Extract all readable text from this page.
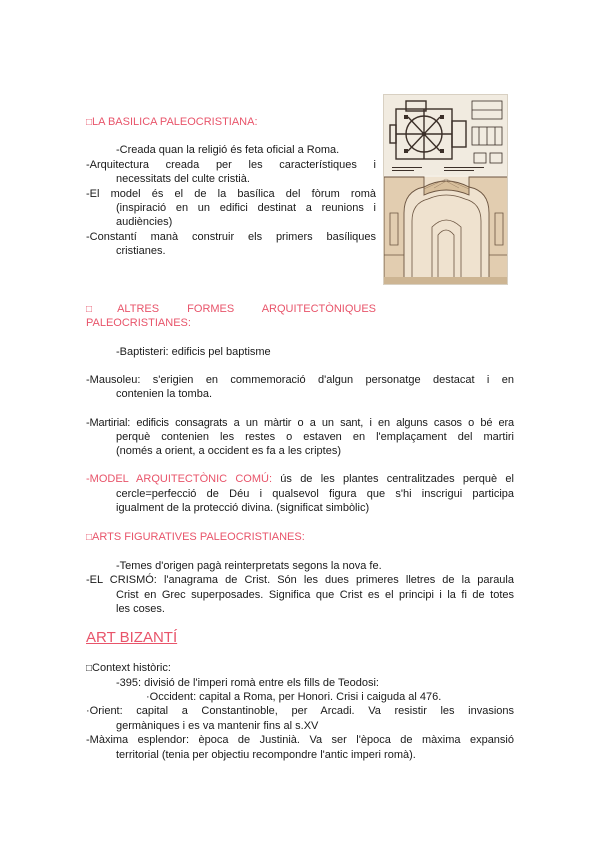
□LA BASILICA PALEOCRISTIANA:
-Creada quan la religió és feta oficial a Roma.
-Arquitectura creada per les característiques i
necessitats del culte cristià.
-El model és el de la basílica del fòrum romà
(inspiració en un edifici destinat a reunions i
audiències)
-Constantí manà construir els primers basíliques
cristianes.
□ALTRES FORMES ARQUITECTÒNIQUES
PALEOCRISTIANES:
-Baptisteri: edificis pel baptisme
-Mausoleu: s'erigien en commemoració d'algun personatge destacat i en
contenien la tomba.
-Martirial: edificis consagrats a un màrtir o a un sant, i en alguns casos o bé era
perquè contenien les restes o estaven en l'emplaçament del martiri
(només a orient, a occident es fa a les criptes)
-MODEL ARQUITECTÒNIC COMÚ: ús de les plantes centralitzades perquè el
cercle=perfecció de Déu i qualsevol figura que s'hi inscrigui participa
igualment de la protecció divina. (significat simbòlic)
□ARTS FIGURATIVES PALEOCRISTIANES:
-Temes d'origen pagà reinterpretats segons la nova fe.
-EL CRISMÓ: l'anagrama de Crist. Són les dues primeres lletres de la paraula
Crist en Grec superposades. Significa que Crist es el principi i la fi de totes
les coses.
ART BIZANTÍ
□Context històric:
-395: divisió de l'imperi romà entre els fills de Teodosi:
·Occident: capital a Roma, per Honori. Crisi i caiguda al 476.
·Orient: capital a Constantinoble, per Arcadi. Va resistir les invasions
germàniques i es va mantenir fins al s.XV
-Màxima esplendor: època de Justinià. Va ser l'època de màxima expansió
territorial (tenia per objectiu recompondre l'antic imperi romà).
